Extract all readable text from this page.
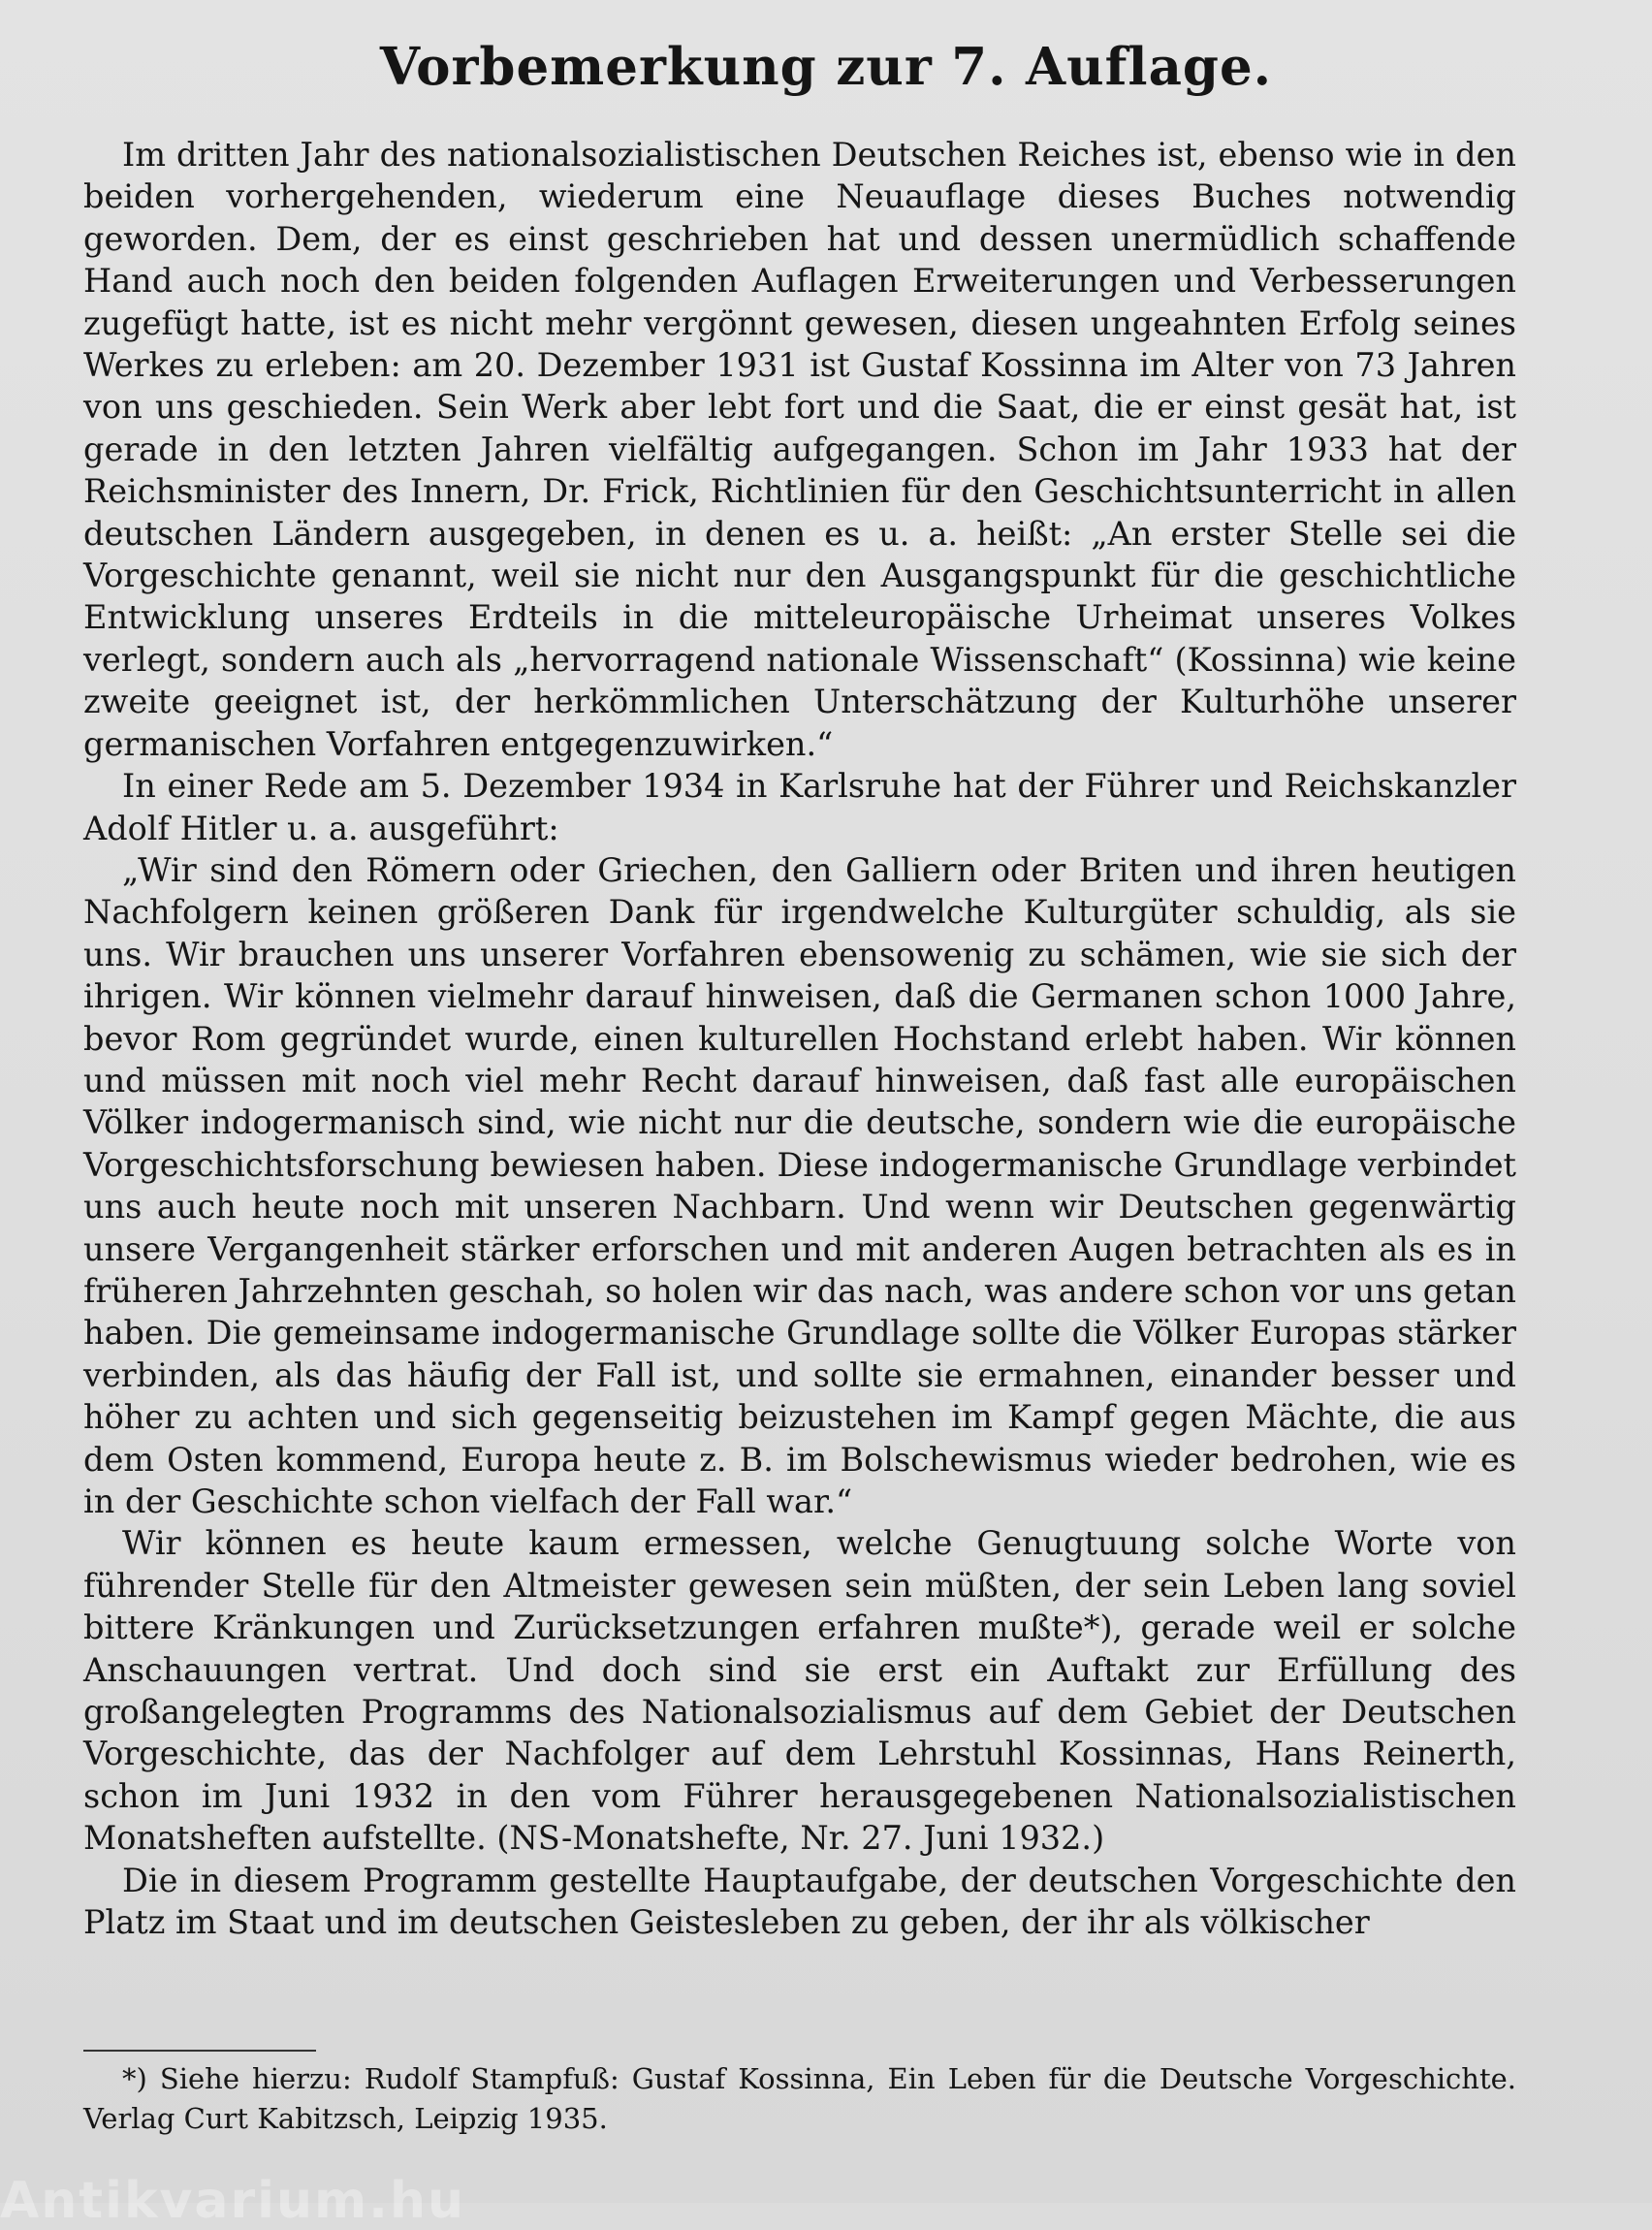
Vorbemerkung zur 7. Auflage.

Im dritten Jahr des nationalsozialistischen Deutschen Reiches ist, ebenso wie in den beiden vorhergehenden, wiederum eine Neuauflage dieses Buches notwendig geworden. Dem, der es einst geschrieben hat und dessen unermüdlich schaffende Hand auch noch den beiden folgenden Auflagen Erweiterungen und Verbesserungen zugefügt hatte, ist es nicht mehr vergönnt gewesen, diesen ungeahnten Erfolg seines Werkes zu erleben: am 20. Dezember 1931 ist Gustaf Kossinna im Alter von 73 Jahren von uns geschieden. Sein Werk aber lebt fort und die Saat, die er einst gesät hat, ist gerade in den letzten Jahren vielfältig aufgegangen. Schon im Jahr 1933 hat der Reichsminister des Innern, Dr. Frick, Richtlinien für den Geschichtsunterricht in allen deutschen Ländern ausgegeben, in denen es u. a. heißt: „An erster Stelle sei die Vorgeschichte genannt, weil sie nicht nur den Ausgangspunkt für die geschichtliche Entwicklung unseres Erdteils in die mitteleuropäische Urheimat unseres Volkes verlegt, sondern auch als „hervorragend nationale Wissenschaft“ (Kossinna) wie keine zweite geeignet ist, der herkömmlichen Unterschätzung der Kulturhöhe unserer germanischen Vorfahren entgegenzuwirken.“

In einer Rede am 5. Dezember 1934 in Karlsruhe hat der Führer und Reichskanzler Adolf Hitler u. a. ausgeführt:

„Wir sind den Römern oder Griechen, den Galliern oder Briten und ihren heutigen Nachfolgern keinen größeren Dank für irgendwelche Kulturgüter schuldig, als sie uns. Wir brauchen uns unserer Vorfahren ebensowenig zu schämen, wie sie sich der ihrigen. Wir können vielmehr darauf hinweisen, daß die Germanen schon 1000 Jahre, bevor Rom gegründet wurde, einen kulturellen Hochstand erlebt haben. Wir können und müssen mit noch viel mehr Recht darauf hinweisen, daß fast alle europäischen Völker indogermanisch sind, wie nicht nur die deutsche, sondern wie die europäische Vorgeschichtsforschung bewiesen haben. Diese indogermanische Grundlage verbindet uns auch heute noch mit unseren Nachbarn. Und wenn wir Deutschen gegenwärtig unsere Vergangenheit stärker erforschen und mit anderen Augen betrachten als es in früheren Jahrzehnten geschah, so holen wir das nach, was andere schon vor uns getan haben. Die gemeinsame indogermanische Grundlage sollte die Völker Europas stärker verbinden, als das häufig der Fall ist, und sollte sie ermahnen, einander besser und höher zu achten und sich gegenseitig beizustehen im Kampf gegen Mächte, die aus dem Osten kommend, Europa heute z. B. im Bolschewismus wieder bedrohen, wie es in der Geschichte schon vielfach der Fall war.“

Wir können es heute kaum ermessen, welche Genugtuung solche Worte von führender Stelle für den Altmeister gewesen sein müßten, der sein Leben lang soviel bittere Kränkungen und Zurücksetzungen erfahren mußte*), gerade weil er solche Anschauungen vertrat. Und doch sind sie erst ein Auftakt zur Erfüllung des großangelegten Programms des Nationalsozialismus auf dem Gebiet der Deutschen Vorgeschichte, das der Nachfolger auf dem Lehrstuhl Kossinnas, Hans Reinerth, schon im Juni 1932 in den vom Führer herausgegebenen Nationalsozialistischen Monatsheften aufstellte. (NS-Monatshefte, Nr. 27. Juni 1932.)

Die in diesem Programm gestellte Hauptaufgabe, der deutschen Vorgeschichte den Platz im Staat und im deutschen Geistesleben zu geben, der ihr als völkischer

*) Siehe hierzu: Rudolf Stampfuß: Gustaf Kossinna, Ein Leben für die Deutsche Vorgeschichte. Verlag Curt Kabitzsch, Leipzig 1935.

Antikvarium.hu
